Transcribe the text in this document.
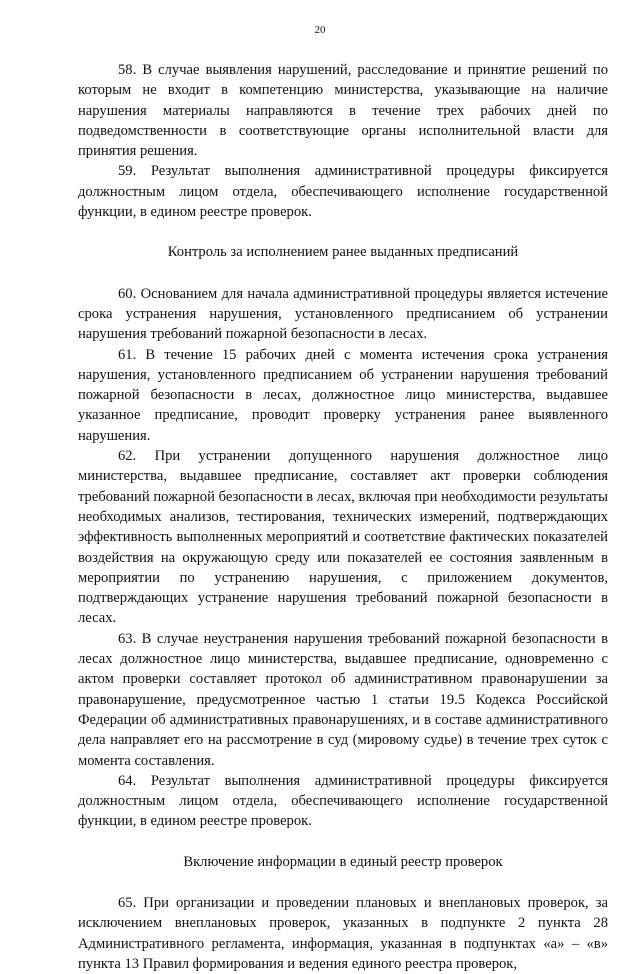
20

58. В случае выявления нарушений, расследование и принятие решений по которым не входит в компетенцию министерства, указывающие на наличие нарушения материалы направляются в течение трех рабочих дней по подведомственности в соответствующие органы исполнительной власти для принятия решения.

59. Результат выполнения административной процедуры фиксируется должностным лицом отдела, обеспечивающего исполнение государственной функции, в едином реестре проверок.

Контроль за исполнением ранее выданных предписаний

60. Основанием для начала административной процедуры является истечение срока устранения нарушения, установленного предписанием об устранении нарушения требований пожарной безопасности в лесах.

61. В течение 15 рабочих дней с момента истечения срока устранения нарушения, установленного предписанием об устранении нарушения требований пожарной безопасности в лесах, должностное лицо министерства, выдавшее указанное предписание, проводит проверку устранения ранее выявленного нарушения.

62. При устранении допущенного нарушения должностное лицо министерства, выдавшее предписание, составляет акт проверки соблюдения требований пожарной безопасности в лесах, включая при необходимости результаты необходимых анализов, тестирования, технических измерений, подтверждающих эффективность выполненных мероприятий и соответствие фактических показателей воздействия на окружающую среду или показателей ее состояния заявленным в мероприятии по устранению нарушения, с приложением документов, подтверждающих устранение нарушения требований пожарной безопасности в лесах.

63. В случае неустранения нарушения требований пожарной безопасности в лесах должностное лицо министерства, выдавшее предписание, одновременно с актом проверки составляет протокол об административном правонарушении за правонарушение, предусмотренное частью 1 статьи 19.5 Кодекса Российской Федерации об административных правонарушениях, и в составе административного дела направляет его на рассмотрение в суд (мировому судье) в течение трех суток с момента составления.

64. Результат выполнения административной процедуры фиксируется должностным лицом отдела, обеспечивающего исполнение государственной функции, в едином реестре проверок.

Включение информации в единый реестр проверок

65. При организации и проведении плановых и внеплановых проверок, за исключением внеплановых проверок, указанных в подпункте 2 пункта 28 Административного регламента, информация, указанная в подпунктах «а» – «в» пункта 13 Правил формирования и ведения единого реестра проверок,
